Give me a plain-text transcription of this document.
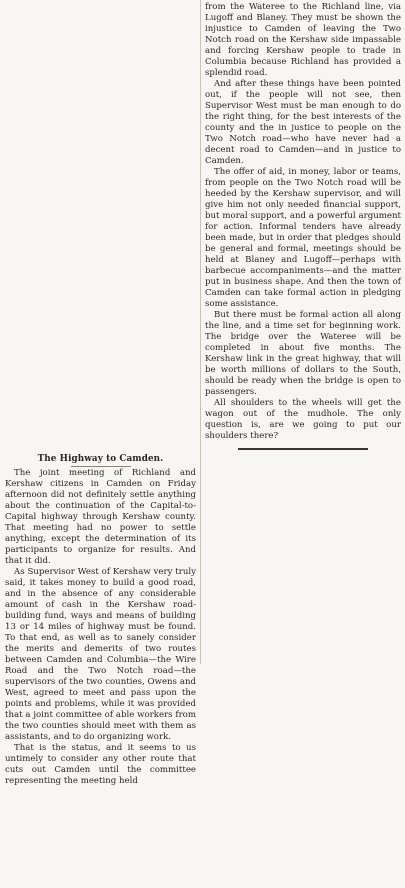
The Highway to Camden.

The joint meeting of Richland and Kershaw citizens in Camden on Friday afternoon did not definitely settle anything about the continuation of the Capital-to-Capital highway through Kershaw county. That meeting had no power to settle anything, except the determination of its participants to organize for results. And that it did.

As Supervisor West of Kershaw very truly said, it takes money to build a good road, and in the absence of any considerable amount of cash in the Kershaw road-building fund, ways and means of building 13 or 14 miles of highway must be found. To that end, as well as to sanely consider the merits and demerits of two routes between Camden and Columbia—the Wire Road and the Two Notch road—the supervisors of the two counties, Owens and West, agreed to meet and pass upon the points and problems, while it was provided that a joint committee of able workers from the two counties should meet with them as assistants, and to do organizing work.

That is the status, and it seems to us untimely to consider any other route that cuts out Camden until the committee representing the meeting held

from the Wateree to the Richland line, via Lugoff and Blaney. They must be shown the injustice to Camden of leaving the Two Notch road on the Kershaw side impassable and forcing Kershaw people to trade in Columbia because Richland has provided a splendid road.

And after these things have been pointed out, if the people will not see, then Supervisor West must be man enough to do the right thing, for the best interests of the county and the in justice to people on the Two Notch road—who have never had a decent road to Camden—and in justice to Camden.

The offer of aid, in money, labor or teams, from people on the Two Notch road will be heeded by the Kershaw supervisor, and will give him not only needed financial support, but moral support, and a powerful argument for action. Informal tenders have already been made, but in order that pledges should be general and formal, meetings should be held at Blaney and Lugoff—perhaps with barbecue accompaniments—and the matter put in business shape. And then the town of Camden can take formal action in pledging some assistance.

But there must be formal action all along the line, and a time set for beginning work. The bridge over the Wateree will be completed in about five months. The Kershaw link in the great highway, that will be worth millions of dollars to the South, should be ready when the bridge is open to passengers.

All shoulders to the wheels will get the wagon out of the mudhole. The only question is, are we going to put our shoulders there?
